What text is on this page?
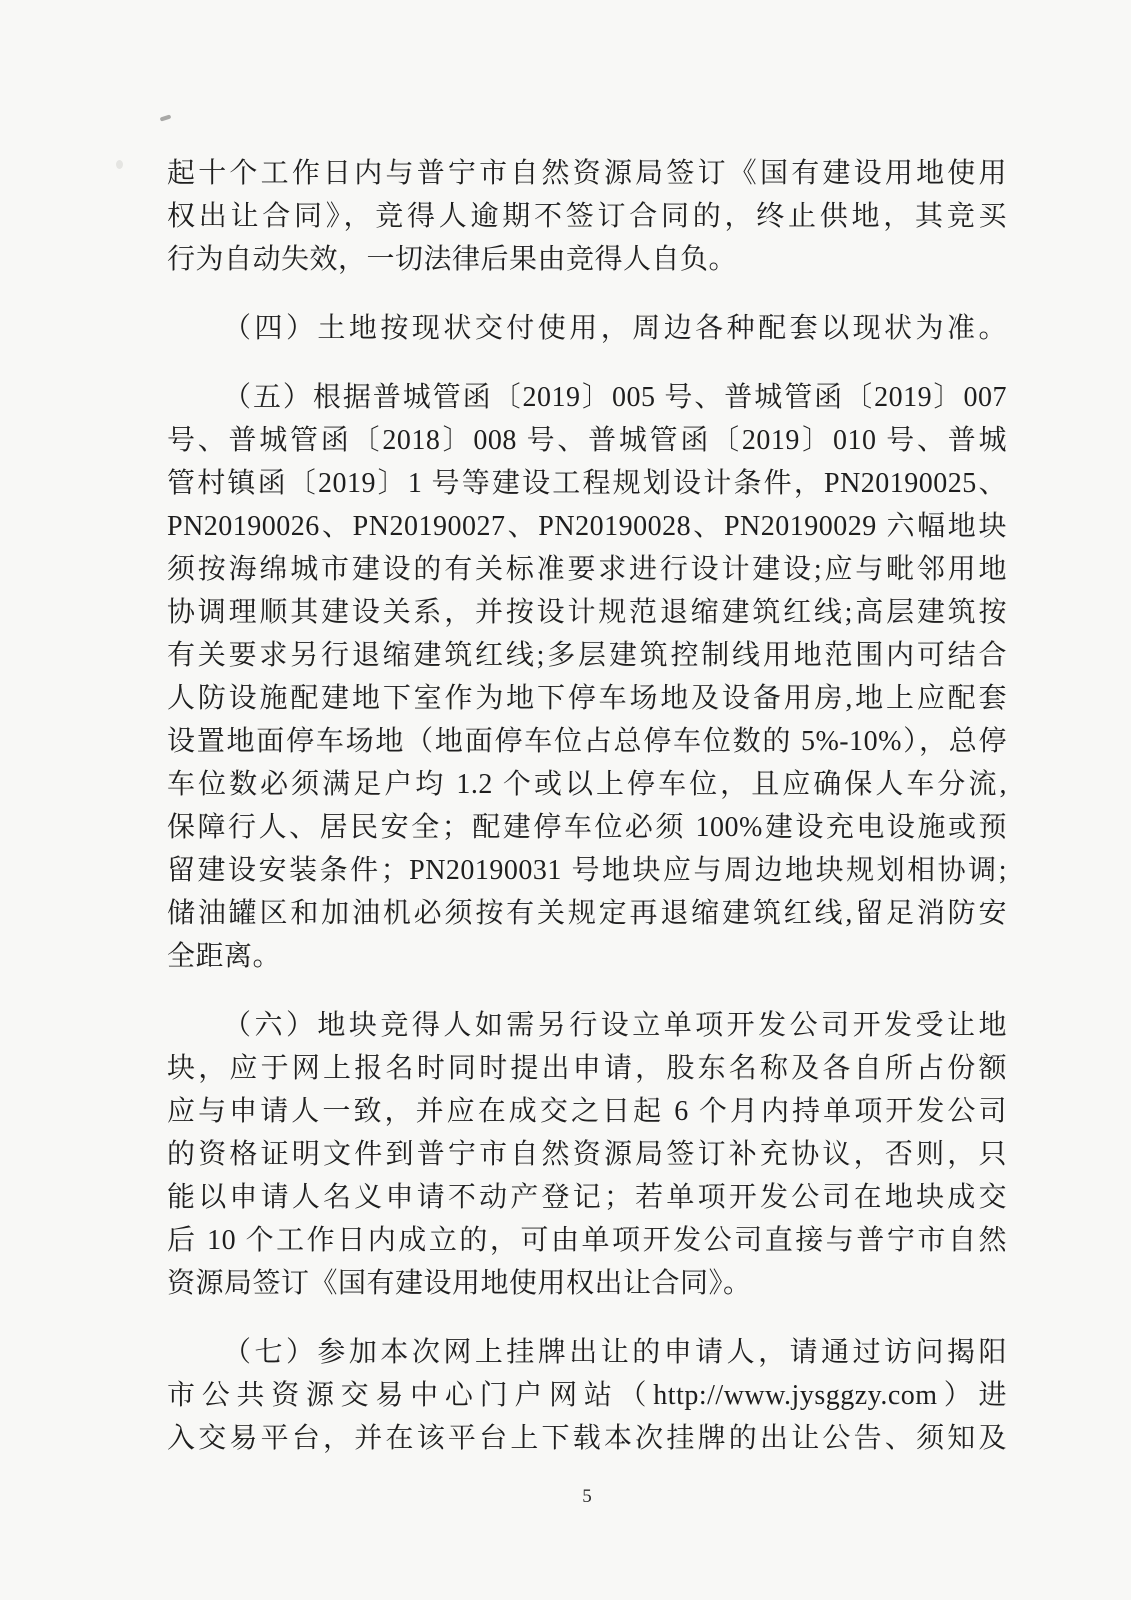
起十个工作日内与普宁市自然资源局签订《国有建设用地使用
权出让合同》，竞得人逾期不签订合同的，终止供地，其竞买
行为自动失效，一切法律后果由竞得人自负。
（四）土地按现状交付使用，周边各种配套以现状为准。
（五）根据普城管函〔2019〕005 号、普城管函〔2019〕007
号、普城管函〔2018〕008 号、普城管函〔2019〕010 号、普城
管村镇函〔2019〕1 号等建设工程规划设计条件，PN20190025、
PN20190026、PN20190027、PN20190028、PN20190029 六幅地块
须按海绵城市建设的有关标准要求进行设计建设;应与毗邻用地
协调理顺其建设关系，并按设计规范退缩建筑红线;高层建筑按
有关要求另行退缩建筑红线;多层建筑控制线用地范围内可结合
人防设施配建地下室作为地下停车场地及设备用房,地上应配套
设置地面停车场地（地面停车位占总停车位数的 5%-10%），总停
车位数必须满足户均 1.2 个或以上停车位，且应确保人车分流,
保障行人、居民安全；配建停车位必须 100%建设充电设施或预
留建设安装条件；PN20190031 号地块应与周边地块规划相协调;
储油罐区和加油机必须按有关规定再退缩建筑红线,留足消防安
全距离。
（六）地块竞得人如需另行设立单项开发公司开发受让地
块，应于网上报名时同时提出申请，股东名称及各自所占份额
应与申请人一致，并应在成交之日起 6 个月内持单项开发公司
的资格证明文件到普宁市自然资源局签订补充协议，否则，只
能以申请人名义申请不动产登记；若单项开发公司在地块成交
后 10 个工作日内成立的，可由单项开发公司直接与普宁市自然
资源局签订《国有建设用地使用权出让合同》。
（七）参加本次网上挂牌出让的申请人，请通过访问揭阳
市公共资源交易中心门户网站（http://www.jysggzy.com）进
入交易平台，并在该平台上下载本次挂牌的出让公告、须知及
5
